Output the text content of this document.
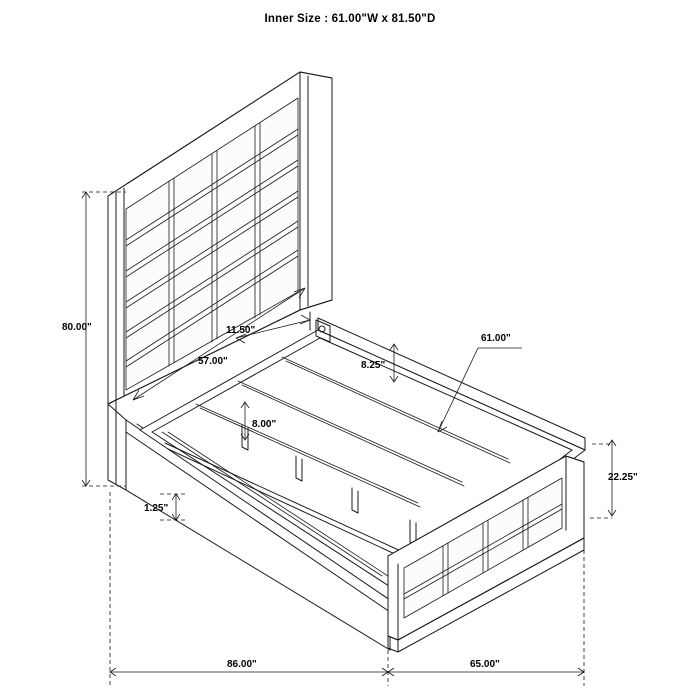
Inner Size : 61.00"W x 81.50"D
80.00"
57.00"
11.50"
8.25"
8.00"
61.00"
22.25"
1.25"
86.00"	65.00"
